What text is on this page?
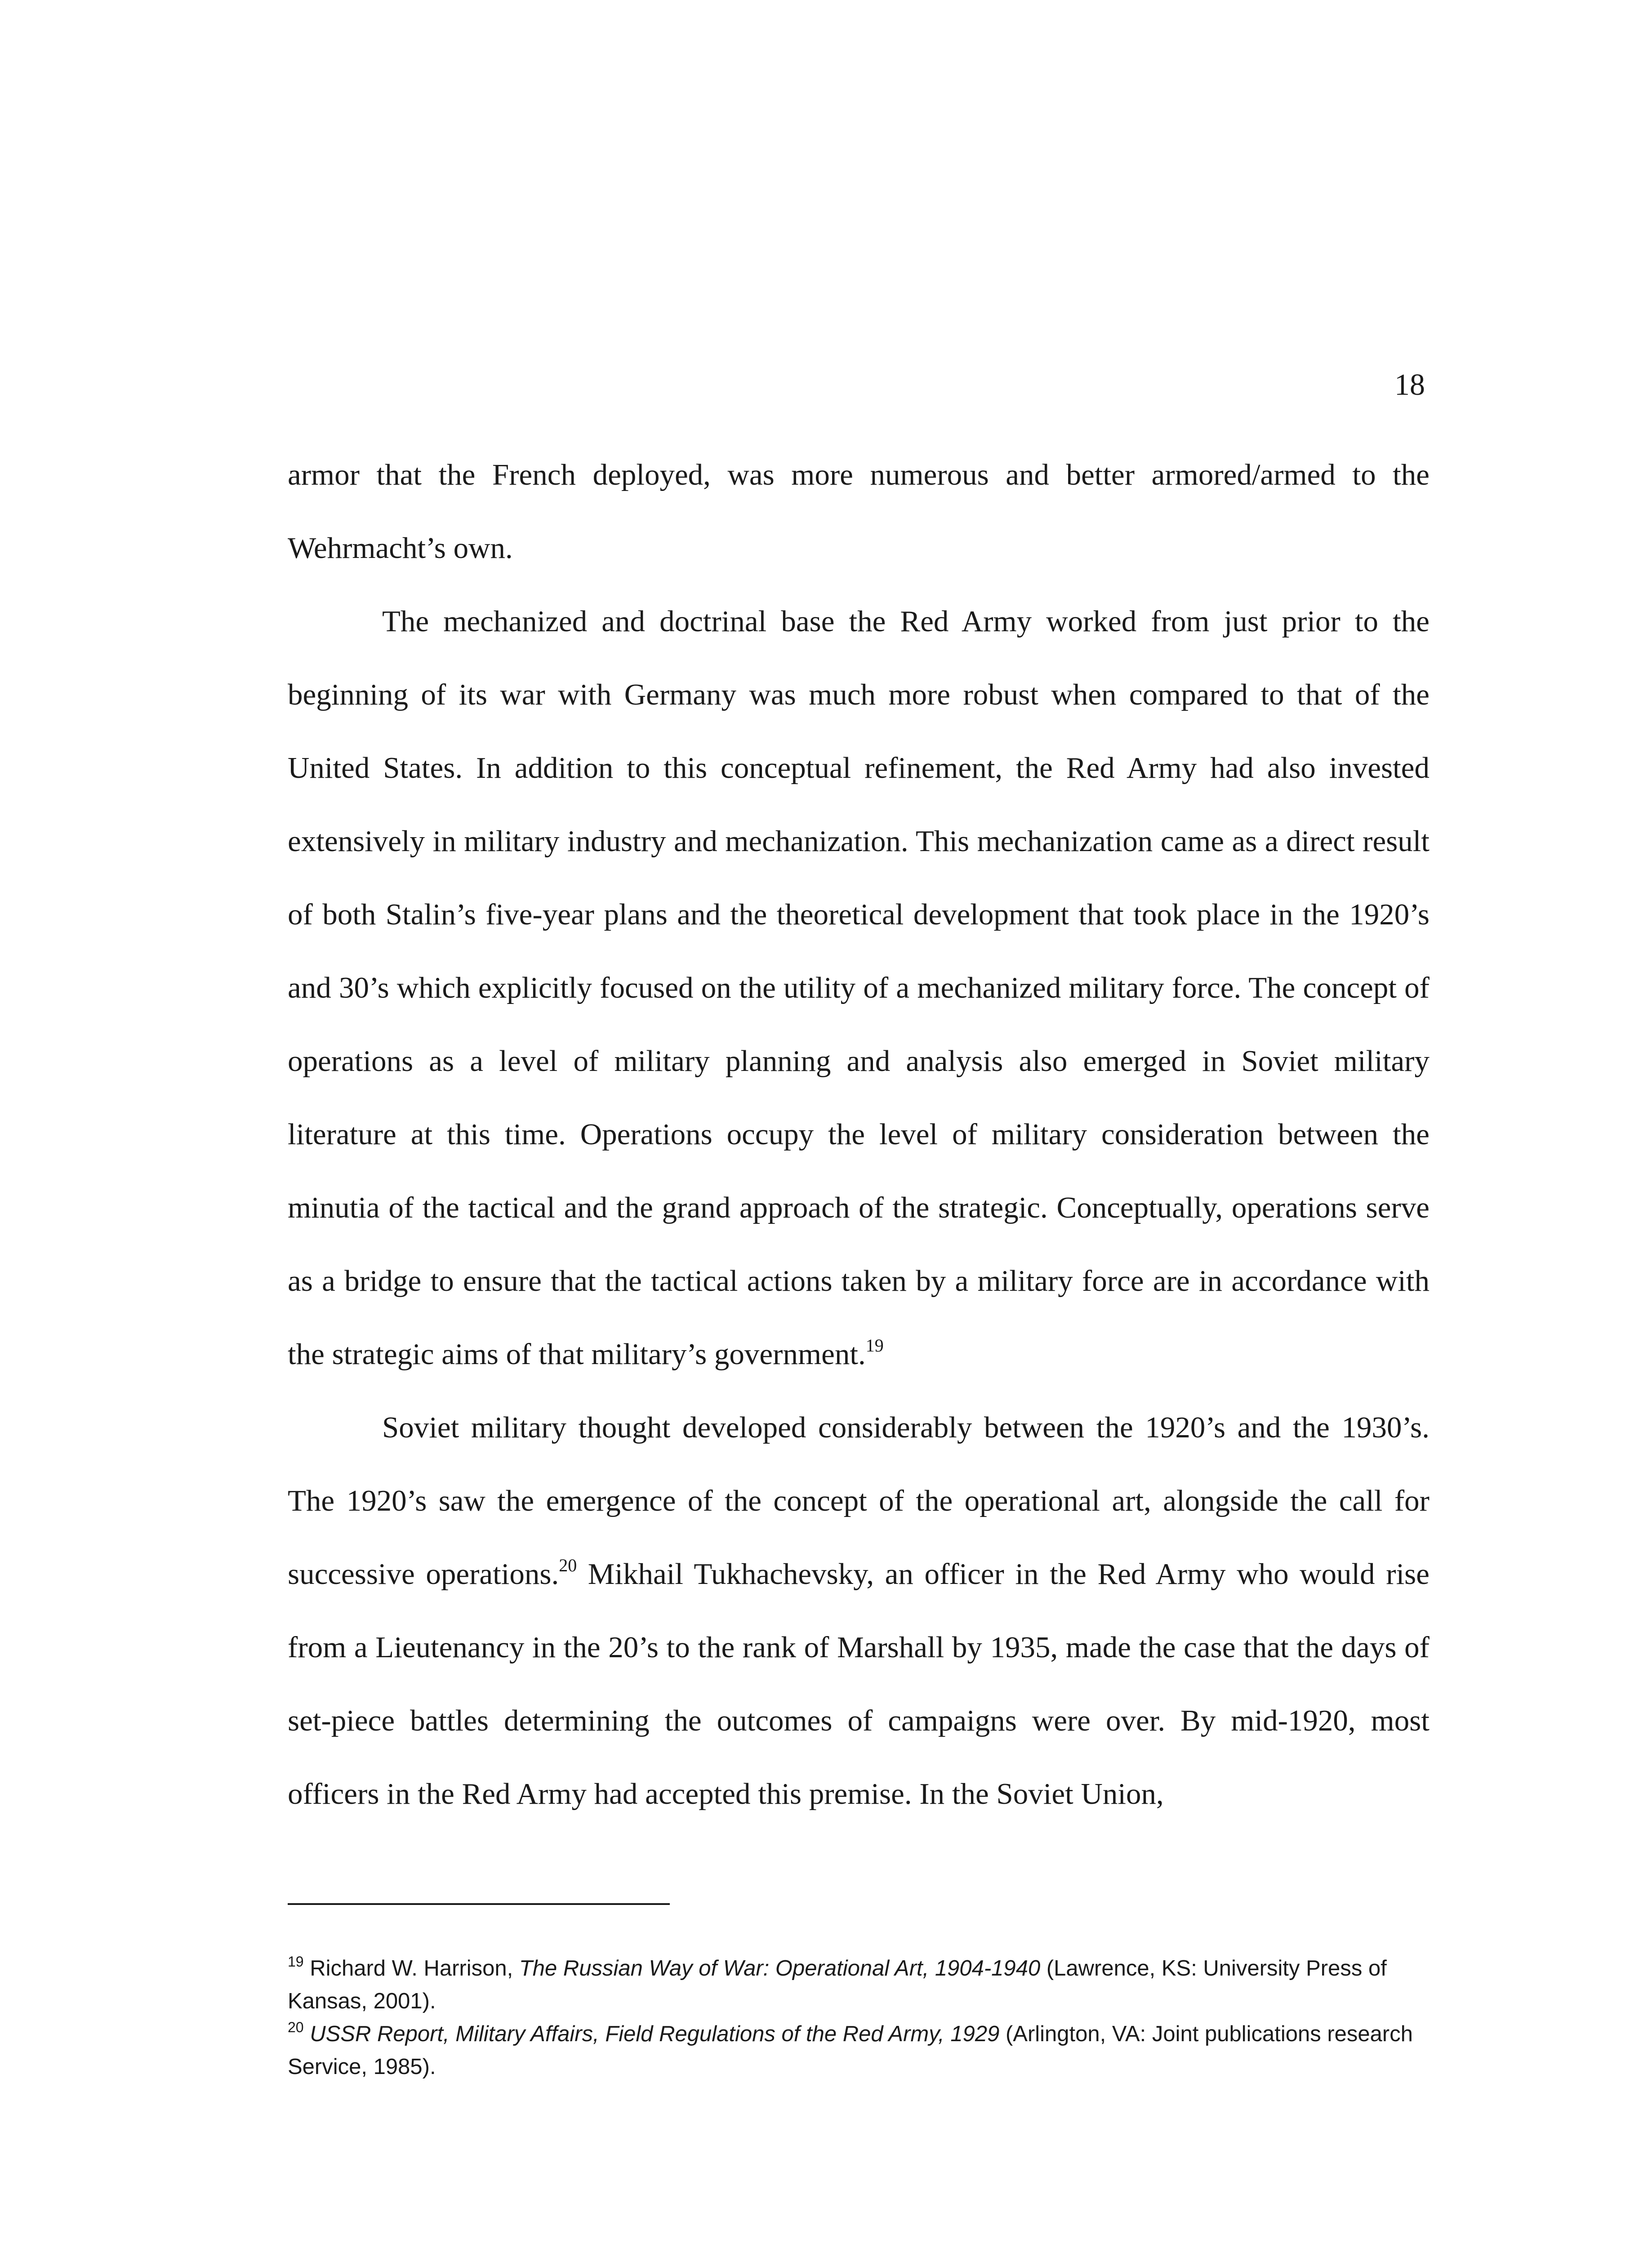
18

armor that the French deployed, was more numerous and better armored/armed to the Wehrmacht’s own.

The mechanized and doctrinal base the Red Army worked from just prior to the beginning of its war with Germany was much more robust when compared to that of the United States. In addition to this conceptual refinement, the Red Army had also invested extensively in military industry and mechanization. This mechanization came as a direct result of both Stalin’s five-year plans and the theoretical development that took place in the 1920’s and 30’s which explicitly focused on the utility of a mechanized military force. The concept of operations as a level of military planning and analysis also emerged in Soviet military literature at this time. Operations occupy the level of military consideration between the minutia of the tactical and the grand approach of the strategic. Conceptually, operations serve as a bridge to ensure that the tactical actions taken by a military force are in accordance with the strategic aims of that military’s government.$^{19}$

Soviet military thought developed considerably between the 1920’s and the 1930’s. The 1920’s saw the emergence of the concept of the operational art, alongside the call for successive operations.$^{20}$ Mikhail Tukhachevsky, an officer in the Red Army who would rise from a Lieutenancy in the 20’s to the rank of Marshall by 1935, made the case that the days of set-piece battles determining the outcomes of campaigns were over. By mid-1920, most officers in the Red Army had accepted this premise. In the Soviet Union,

$^{19}$ Richard W. Harrison, The Russian Way of War: Operational Art, 1904-1940 (Lawrence, KS: University Press of Kansas, 2001).

$^{20}$ USSR Report, Military Affairs, Field Regulations of the Red Army, 1929 (Arlington, VA: Joint publications research Service, 1985).
